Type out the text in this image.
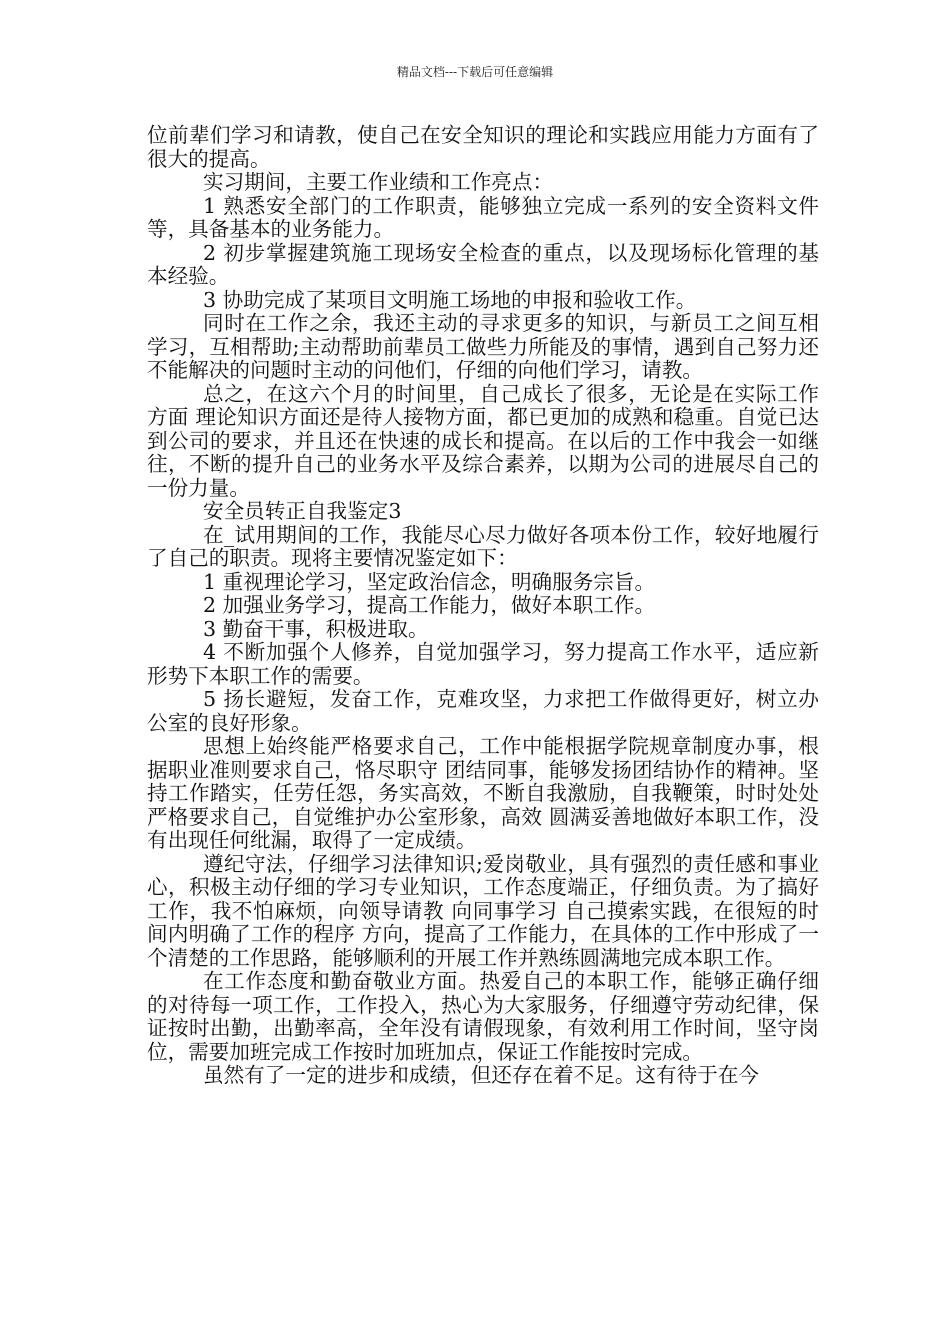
精品文档---下载后可任意编辑

位前辈们学习和请教，使自己在安全知识的理论和实践应用能力方面有了很大的提高。

实习期间，主要工作业绩和工作亮点：

1 熟悉安全部门的工作职责，能够独立完成一系列的安全资料文件等，具备基本的业务能力。

2 初步掌握建筑施工现场安全检查的重点，以及现场标化管理的基本经验。

3 协助完成了某项目文明施工场地的申报和验收工作。

同时在工作之余，我还主动的寻求更多的知识，与新员工之间互相学习，互相帮助;主动帮助前辈员工做些力所能及的事情，遇到自己努力还不能解决的问题时主动的问他们，仔细的向他们学习，请教。

总之，在这六个月的时间里，自己成长了很多，无论是在实际工作方面 理论知识方面还是待人接物方面，都已更加的成熟和稳重。自觉已达到公司的要求，并且还在快速的成长和提高。在以后的工作中我会一如继往，不断的提升自己的业务水平及综合素养，以期为公司的进展尽自己的一份力量。

安全员转正自我鉴定3

在_试用期间的工作，我能尽心尽力做好各项本份工作，较好地履行了自己的职责。现将主要情况鉴定如下：

1 重视理论学习，坚定政治信念，明确服务宗旨。

2 加强业务学习，提高工作能力，做好本职工作。

3 勤奋干事，积极进取。

4 不断加强个人修养，自觉加强学习，努力提高工作水平，适应新形势下本职工作的需要。

5 扬长避短，发奋工作，克难攻坚，力求把工作做得更好，树立办公室的良好形象。

思想上始终能严格要求自己，工作中能根据学院规章制度办事，根据职业准则要求自己，恪尽职守 团结同事，能够发扬团结协作的精神。坚持工作踏实，任劳任怨，务实高效，不断自我激励，自我鞭策，时时处处严格要求自己，自觉维护办公室形象，高效 圆满妥善地做好本职工作，没有出现任何纰漏，取得了一定成绩。

遵纪守法，仔细学习法律知识;爱岗敬业，具有强烈的责任感和事业心，积极主动仔细的学习专业知识，工作态度端正，仔细负责。为了搞好工作，我不怕麻烦，向领导请教 向同事学习 自己摸索实践，在很短的时间内明确了工作的程序 方向，提高了工作能力，在具体的工作中形成了一个清楚的工作思路，能够顺利的开展工作并熟练圆满地完成本职工作。

在工作态度和勤奋敬业方面。热爱自己的本职工作，能够正确仔细的对待每一项工作，工作投入，热心为大家服务，仔细遵守劳动纪律，保证按时出勤，出勤率高，全年没有请假现象，有效利用工作时间，坚守岗位，需要加班完成工作按时加班加点，保证工作能按时完成。

虽然有了一定的进步和成绩，但还存在着不足。这有待于在今
